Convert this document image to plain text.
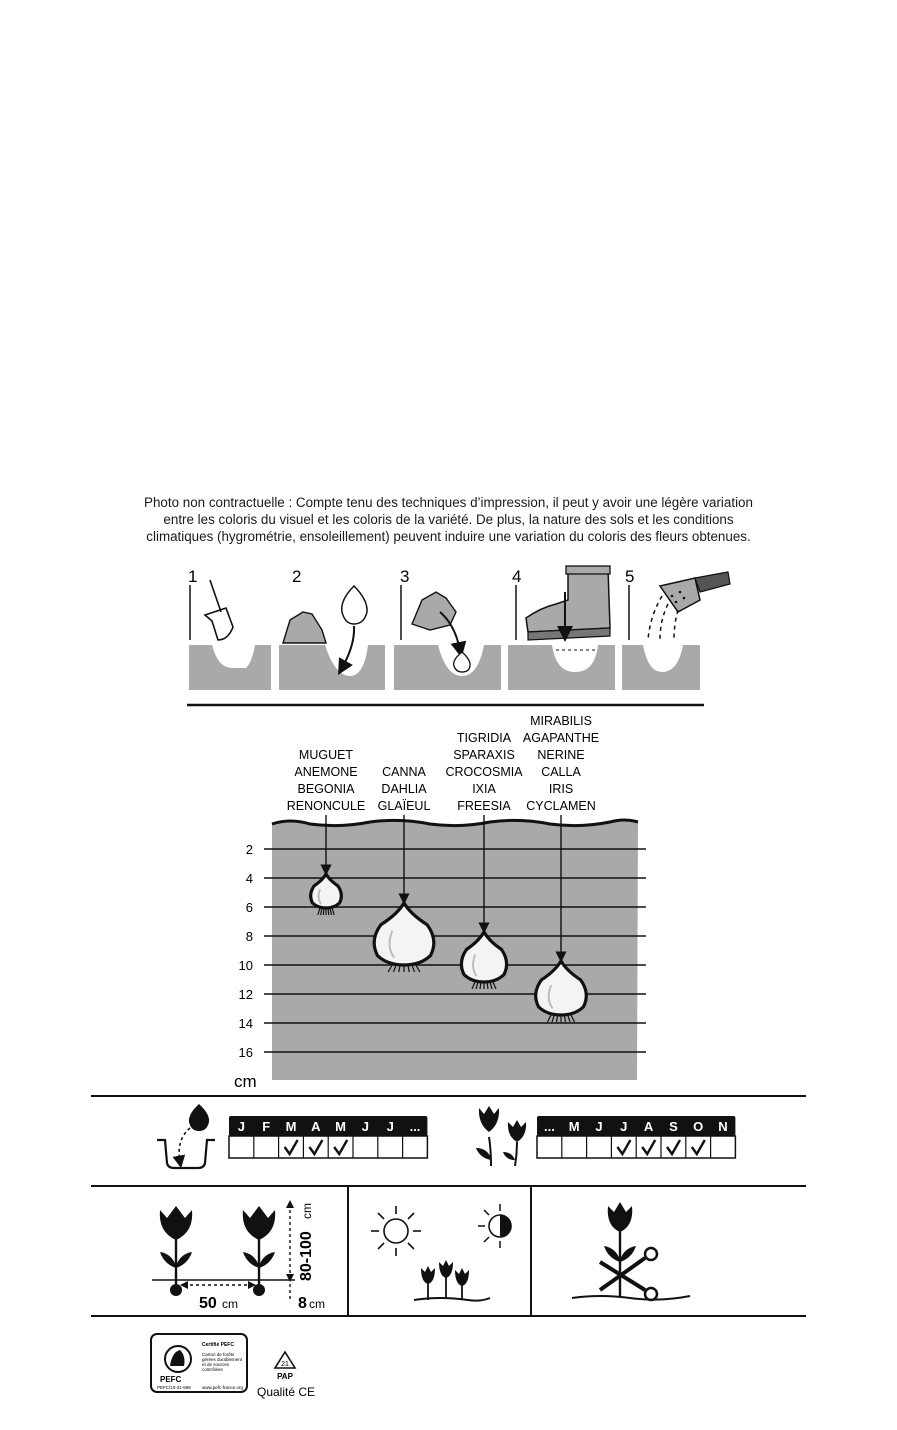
Photo non contractuelle : Compte tenu des techniques d’impression, il peut y avoir une légère variation
entre les coloris du visuel et les coloris de la variété. De plus, la nature des sols et les conditions
climatiques (hygrométrie, ensoleillement) peuvent induire une variation du coloris des fleurs obtenues.
1	2	3	4	5
2
4
6
8
10
12
14
16
cm
MUGUET
ANEMONE
BEGONIA
RENONCULE
CANNA
DAHLIA
GLAÏEUL
TIGRIDIA
SPARAXIS
CROCOSMIA
IXIA
FREESIA
MIRABILIS
AGAPANTHE
NERINE
CALLA
IRIS
CYCLAMEN
J F M A M J J ...	... M J J A S O N
50 cm	8 cm
80-100
cm
PEFC
PEFC/10-31-598
Certifié PEFC
Carton de forêts
gérées durablement
et de sources
contrôlées
www.pefc-france.org
21
PAP
Qualité CE
